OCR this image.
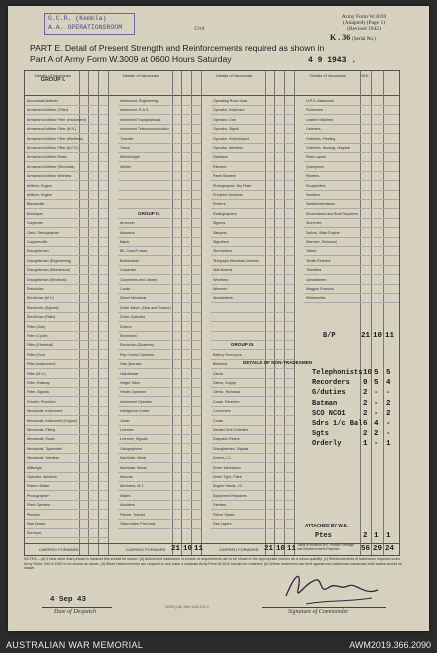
G.C.R. (Kembla)
A.A. OPERATIONSROOM	Unit
Army Form W.3010
(Adapted) (Page 1)
(Revised 1942)
K . 36 (Serial No.)
PART E. Detail of Present Strength and Reinforcements required as shown in
Part A of Army Form W.3009 at 0600 Hours Saturday	4 9 1943 .
Details of Vacancies
GROUP I.
Details of Vacancies	Details of Vacancies	Details of Vacancies	W.E.
Accountant Artificer
Armament Artificer (Fitter)
Armament Artificer Fitter (Instrument)
Armament Artificer Fitter (M.V.)
Armament Artificer Fitter (Wireless)
Armament Artificer Fitter (A.F.V.)
Armament Artificer Radio
Armament Artificer (Electrical)
Armament Artificer Wireless
Artificer, Engine
Artificer, Engine
Blacksmith
Bricklayer
Carpenter
Clerk, Stenographer
Coppersmith
Draughtsman
Draughtsman (Engineering)
Draughtsman (Mechanical)
Draughtsman (Electrical)
Electrician
Electrician (M.V.)
Electrician (Signals)
Electrician (Fitter)
Fitter (Gas)
Fitter (Cycle)
Fitter (Electrical)
Fitter (Gun)
Fitter (Instrument)
Fitter (M.V.)
Fitter, Railway
Fitter, Signals
Grinder, Precision
Mechanist, Instrument
Mechanist, Instrument (Engine)
Mechanist, Fitting
Mechanist, Radio
Mechanist, Typewriter
Mechanist, Wireless
Millwright
Operator, Wireless
Pattern Maker
Photographer
Plant Operator
Plumber
Saw Doctor
Surveyor
Instrument, Engineering
Instrument, R.A.S.
Instrument Topographical
Instrument Telecommunication
Tinsmith
Turner
Wheelwright
Welder
GROUP II.
Armourer
Assessor
Baker
Blt. Cons/Fr Asst.
Boilermaker
Carpenter
Carpenters and Joiners
Cooks
Diesel Mechanic
Driver-Mech. (Tank and Tractor)
Driver-Operator
Drivers
Electrician
Electrician (Dualmen)
Pay Control Operator
Gas Operator
Hairdresser
Height Taker
Heater Operator
Instrument Operator
Intelligence Duties
Joiner
Linemen
Linemen, Signals
Lithographers
Machinist, Metal
Machinist, Wood
Masons
Mechanic, M.T.
Millers
Moulders
Painter, Trained
Observation Post Asst.
Operating Room Asst.
Operator, Keyboard
Operator, Line
Operator, Signal
Operator, Switchboard
Operator, Wireless
Opticians
Painters
Panel Beaters
Photographer, Dry Plate
Predictor Numbers
Printers
Radiographers
Signers
Sawyers
Signallers
Storewriters
Telegraph Electrical Linemen
Wall Boards
Wheelers
Wiremen
Woodmillers
GROUP III.
Battery Surveyors
Butchers
Clerks
Clerks, Supply
Clerks, Technical
Coach Trimmers
Concreters
Cooks
Dental Clerk Orderlies
Despatch Riders
Draughtsmen, Signals
Drivers, I.C.
Driver Mechanics
Driver Type, Plant
Engine Hands, I.C.
Equipment Repairers
Fanders
Fitters' Mates
Gas Layers
O.P.O. Assessors
Fishermen
Leather Stitchers
Listeners
Orderlies, Fleeting
Orderlies, Nursing, Hospital
Plate Layers
Quarrymen
Riveters
Roughriders
Saddlers
Saddletreemakers
Shoemakers and Boot Repairers
Storemen
Sailors, State Engine
Starmen, Technical
Tailors
Textile Refiners
Tinsmiths
Upholsterers
Waggon Erectors
Whitesmiths
Telephonists 10 5 5
Recorders 9 5 4
G/duties 2 - -
Batman	2 - 2
SCO NCO1 2 - 2
Sdrs 1/c Bal 6 4 -
Sgts	2 2 -
Orderly	1 - 1
DETAILS OF NON-TRADESMEN
ATTACHED BY W.E.
B/P	21 10 11
Ptes	2 1 1
CARRIED FORWARD	CARRIED FORWARD 21 10 11	CARRIED FORWARD 21 10 11 Totals of columns W.E. Present Strength and Reinforcements Required	56 29 24
NOTES.—(a) If rank other than private is involved this should be shown. (b) Authorized tradesmen in excess of requirements are to be shown in the appropriate column as a minus quantity. (c) Reinforcements of tradesmen required under Army Order 240 of 1943 to be shown as above. (d) When reinforcements are required in any trade a separate Army Form W.3010 should be rendered. (e) Where tradesmen are held against non-tradesmen vacancies both trades should be shown.
4 Sep 43
Date of Despatch
12/43 (Ltd) 25m 1/43 S.C.C.
Signature of Commander
AUSTRALIAN WAR MEMORIAL	AWM2019.366.2090
